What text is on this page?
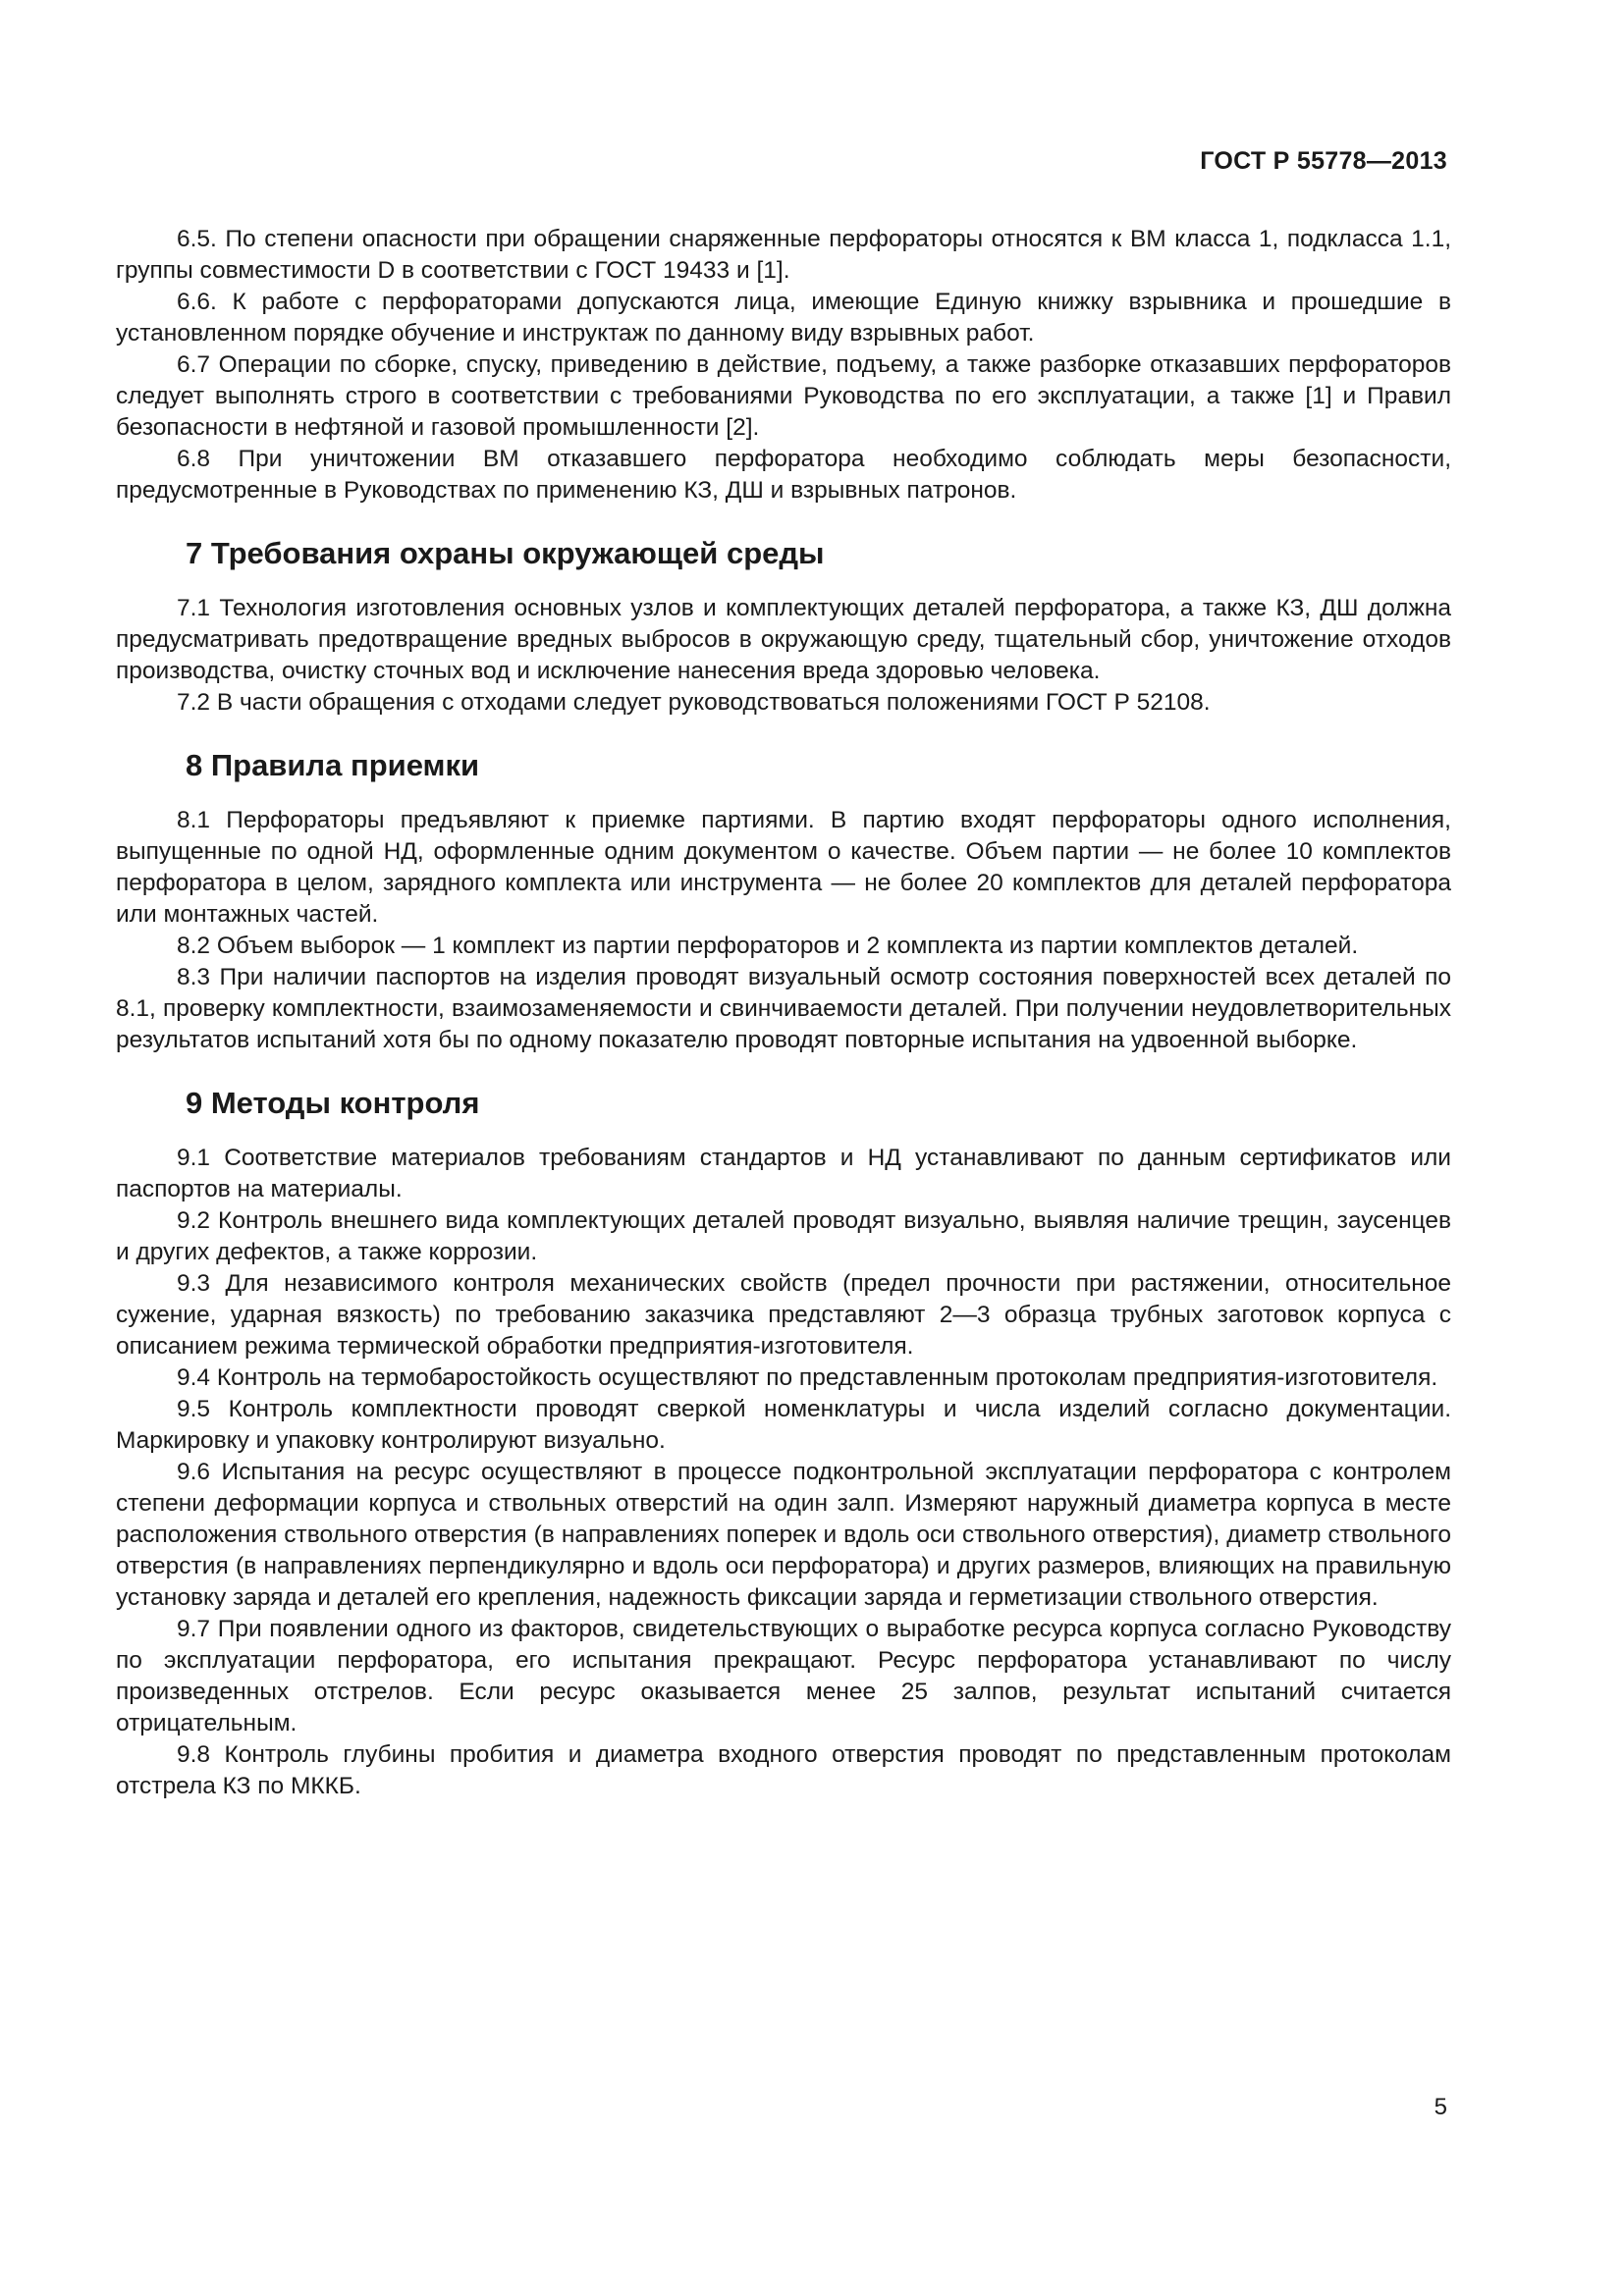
ГОСТ Р 55778—2013

6.5. По степени опасности при обращении снаряженные перфораторы относятся к ВМ класса 1, подкласса 1.1, группы совместимости D в соответствии с ГОСТ 19433 и [1].

6.6. К работе с перфораторами допускаются лица, имеющие Единую книжку взрывника и прошедшие в установленном порядке обучение и инструктаж по данному виду взрывных работ.

6.7 Операции по сборке, спуску, приведению в действие, подъему, а также разборке отказавших перфораторов следует выполнять строго в соответствии с требованиями Руководства по его эксплуатации, а также [1] и Правил безопасности в нефтяной и газовой промышленности [2].

6.8 При уничтожении ВМ отказавшего перфоратора необходимо соблюдать меры безопасности, предусмотренные в Руководствах по применению КЗ, ДШ и взрывных патронов.

7 Требования охраны окружающей среды

7.1 Технология изготовления основных узлов и комплектующих деталей перфоратора, а также КЗ, ДШ должна предусматривать предотвращение вредных выбросов в окружающую среду, тщательный сбор, уничтожение отходов производства, очистку сточных вод и исключение нанесения вреда здоровью человека.

7.2 В части обращения с отходами следует руководствоваться положениями ГОСТ Р 52108.

8 Правила приемки

8.1 Перфораторы предъявляют к приемке партиями. В партию входят перфораторы одного исполнения, выпущенные по одной НД, оформленные одним документом о качестве. Объем партии — не более 10 комплектов перфоратора в целом, зарядного комплекта или инструмента — не более 20 комплектов для деталей перфоратора или монтажных частей.

8.2 Объем выборок — 1 комплект из партии перфораторов и 2 комплекта из партии комплектов деталей.

8.3 При наличии паспортов на изделия проводят визуальный осмотр состояния поверхностей всех деталей по 8.1, проверку комплектности, взаимозаменяемости и свинчиваемости деталей. При получении неудовлетворительных результатов испытаний хотя бы по одному показателю проводят повторные испытания на удвоенной выборке.

9 Методы контроля

9.1 Соответствие материалов требованиям стандартов и НД устанавливают по данным сертификатов или паспортов на материалы.

9.2 Контроль внешнего вида комплектующих деталей проводят визуально, выявляя наличие трещин, заусенцев и других дефектов, а также коррозии.

9.3 Для независимого контроля механических свойств (предел прочности при растяжении, относительное сужение, ударная вязкость) по требованию заказчика представляют 2—3 образца трубных заготовок корпуса с описанием режима термической обработки предприятия-изготовителя.

9.4 Контроль на термобаростойкость осуществляют по представленным протоколам предприятия-изготовителя.

9.5 Контроль комплектности проводят сверкой номенклатуры и числа изделий согласно документации. Маркировку и упаковку контролируют визуально.

9.6 Испытания на ресурс осуществляют в процессе подконтрольной эксплуатации перфоратора с контролем степени деформации корпуса и ствольных отверстий на один залп. Измеряют наружный диаметра корпуса в месте расположения ствольного отверстия (в направлениях поперек и вдоль оси ствольного отверстия), диаметр ствольного отверстия (в направлениях перпендикулярно и вдоль оси перфоратора) и других размеров, влияющих на правильную установку заряда и деталей его крепления, надежность фиксации заряда и герметизации ствольного отверстия.

9.7 При появлении одного из факторов, свидетельствующих о выработке ресурса корпуса согласно Руководству по эксплуатации перфоратора, его испытания прекращают. Ресурс перфоратора устанавливают по числу произведенных отстрелов. Если ресурс оказывается менее 25 залпов, результат испытаний считается отрицательным.

9.8 Контроль глубины пробития и диаметра входного отверстия проводят по представленным протоколам отстрела КЗ по МККБ.

5
